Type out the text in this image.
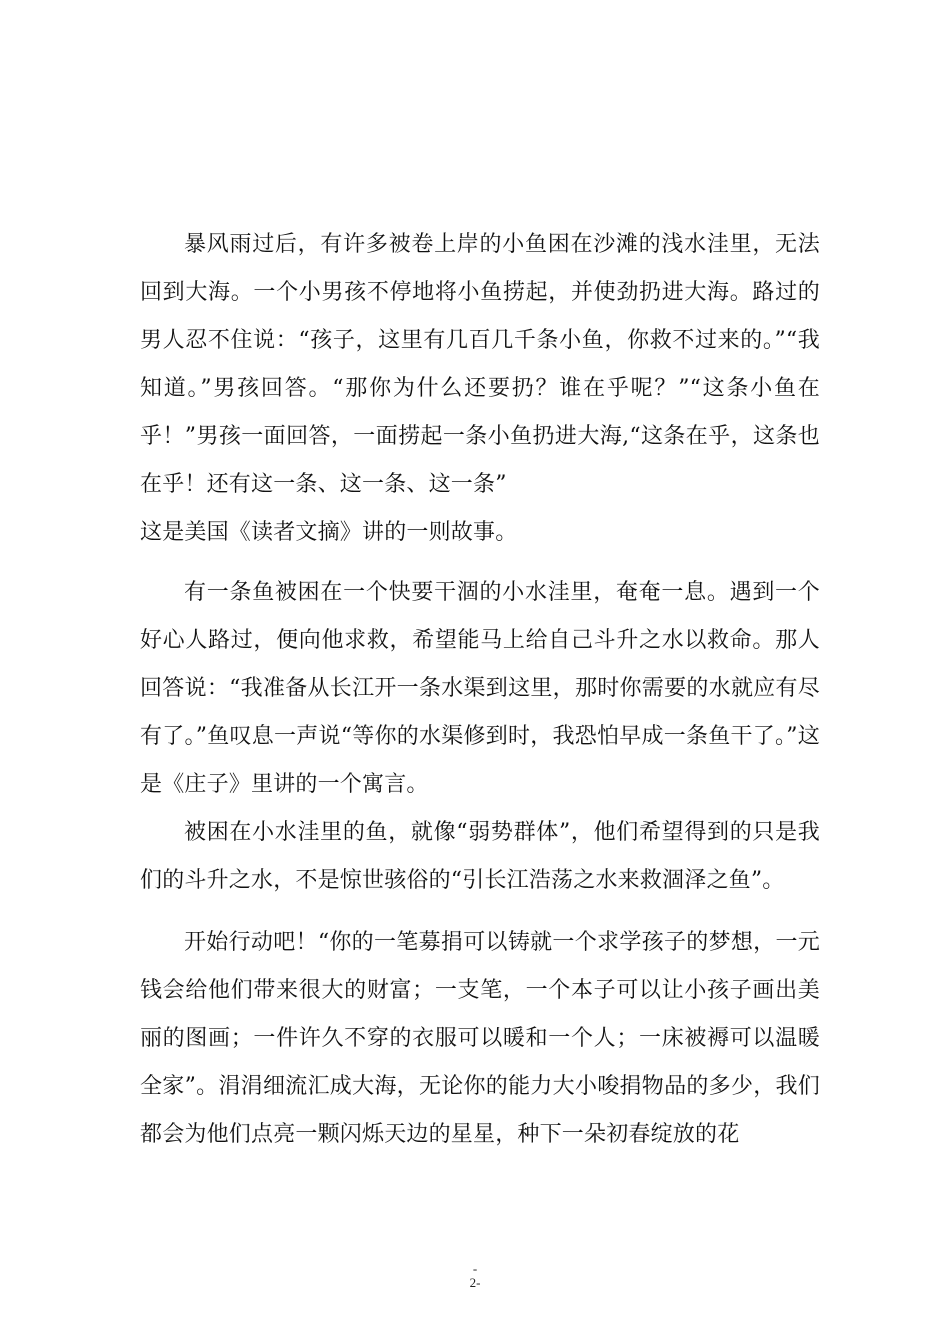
暴风雨过后，有许多被卷上岸的小鱼困在沙滩的浅水洼里，无法回到大海。一个小男孩不停地将小鱼捞起，并使劲扔进大海。路过的男人忍不住说：“孩子，这里有几百几千条小鱼，你救不过来的。”“我知道。”男孩回答。“那你为什么还要扔？谁在乎呢？”“这条小鱼在乎！”男孩一面回答，一面捞起一条小鱼扔进大海,“这条在乎，这条也在乎！还有这一条、这一条、这一条”

这是美国《读者文摘》讲的一则故事。

有一条鱼被困在一个快要干涸的小水洼里，奄奄一息。遇到一个好心人路过，便向他求救，希望能马上给自己斗升之水以救命。那人回答说：“我准备从长江开一条水渠到这里，那时你需要的水就应有尽有了。”鱼叹息一声说“等你的水渠修到时，我恐怕早成一条鱼干了。”这是《庄子》里讲的一个寓言。

被困在小水洼里的鱼，就像“弱势群体”，他们希望得到的只是我们的斗升之水，不是惊世骇俗的“引长江浩荡之水来救涸泽之鱼”。

开始行动吧！“你的一笔募捐可以铸就一个求学孩子的梦想，一元钱会给他们带来很大的财富；一支笔，一个本子可以让小孩子画出美丽的图画；一件许久不穿的衣服可以暖和一个人；一床被褥可以温暖全家”。涓涓细流汇成大海，无论你的能力大小唆捐物品的多少，我们都会为他们点亮一颗闪烁天边的星星，种下一朵初春绽放的花

-
2-
